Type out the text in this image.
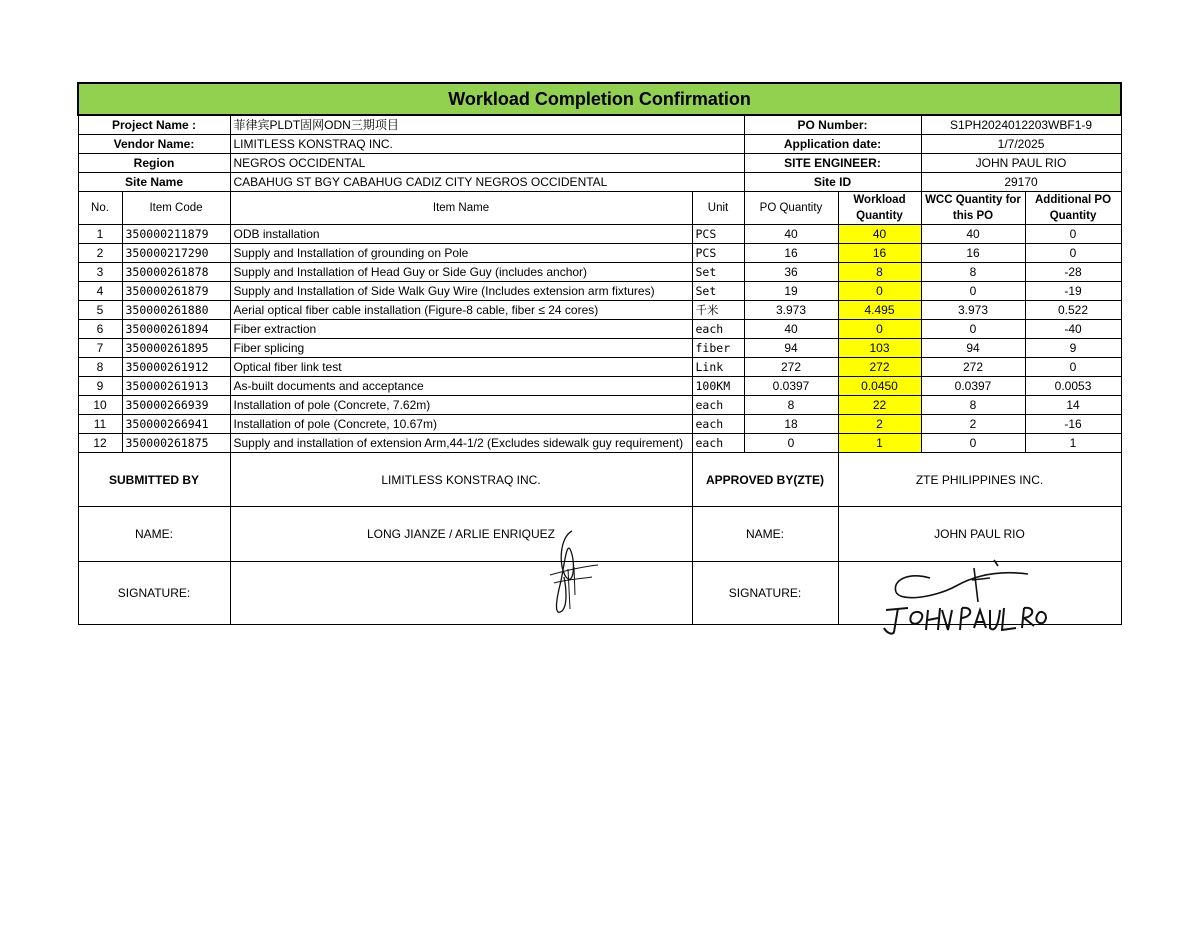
Workload Completion Confirmation							
Project Name :		菲律宾PLDT固网ODN三期项目		PO Number:		S1PH2024012203WBF1-9	
Vendor Name:		LIMITLESS KONSTRAQ INC.		Application date:		1/7/2025	
Region		NEGROS OCCIDENTAL		SITE ENGINEER:		JOHN PAUL RIO	
Site Name		CABAHUG ST BGY CABAHUG CADIZ CITY NEGROS OCCIDENTAL		Site ID		29170	
No.	Item Code	Item Name	Unit	PO Quantity	Workload Quantity	WCC Quantity for this PO	Additional PO Quantity
1	350000211879	ODB installation	PCS	40	40	40	0
2	350000217290	Supply and Installation of grounding on Pole	PCS	16	16	16	0
3	350000261878	Supply and Installation of Head Guy or Side Guy (includes anchor)	Set	36	8	8	-28
4	350000261879	Supply and Installation of Side Walk Guy Wire (Includes extension arm fixtures)	Set	19	0	0	-19
5	350000261880	Aerial optical fiber cable installation (Figure-8 cable, fiber ≤ 24 cores)	千米	3.973	4.495	3.973	0.522
6	350000261894	Fiber extraction	each	40	0	0	-40
7	350000261895	Fiber splicing	fiber	94	103	94	9
8	350000261912	Optical fiber link test	Link	272	272	272	0
9	350000261913	As-built documents and acceptance	100KM	0.0397	0.0450	0.0397	0.0053
10	350000266939	Installation of pole (Concrete, 7.62m)	each	8	22	8	14
11	350000266941	Installation of pole (Concrete, 10.67m)	each	18	2	2	-16
12	350000261875	Supply and installation of extension Arm,44-1/2 (Excludes sidewalk guy requirement)	each	0	1	0	1
SUBMITTED BY		LIMITLESS KONSTRAQ INC.	APPROVED BY(ZTE)		ZTE PHILIPPINES INC.		
NAME:		LONG JIANZE / ARLIE ENRIQUEZ	NAME:		JOHN PAUL RIO		
SIGNATURE:			SIGNATURE:				
